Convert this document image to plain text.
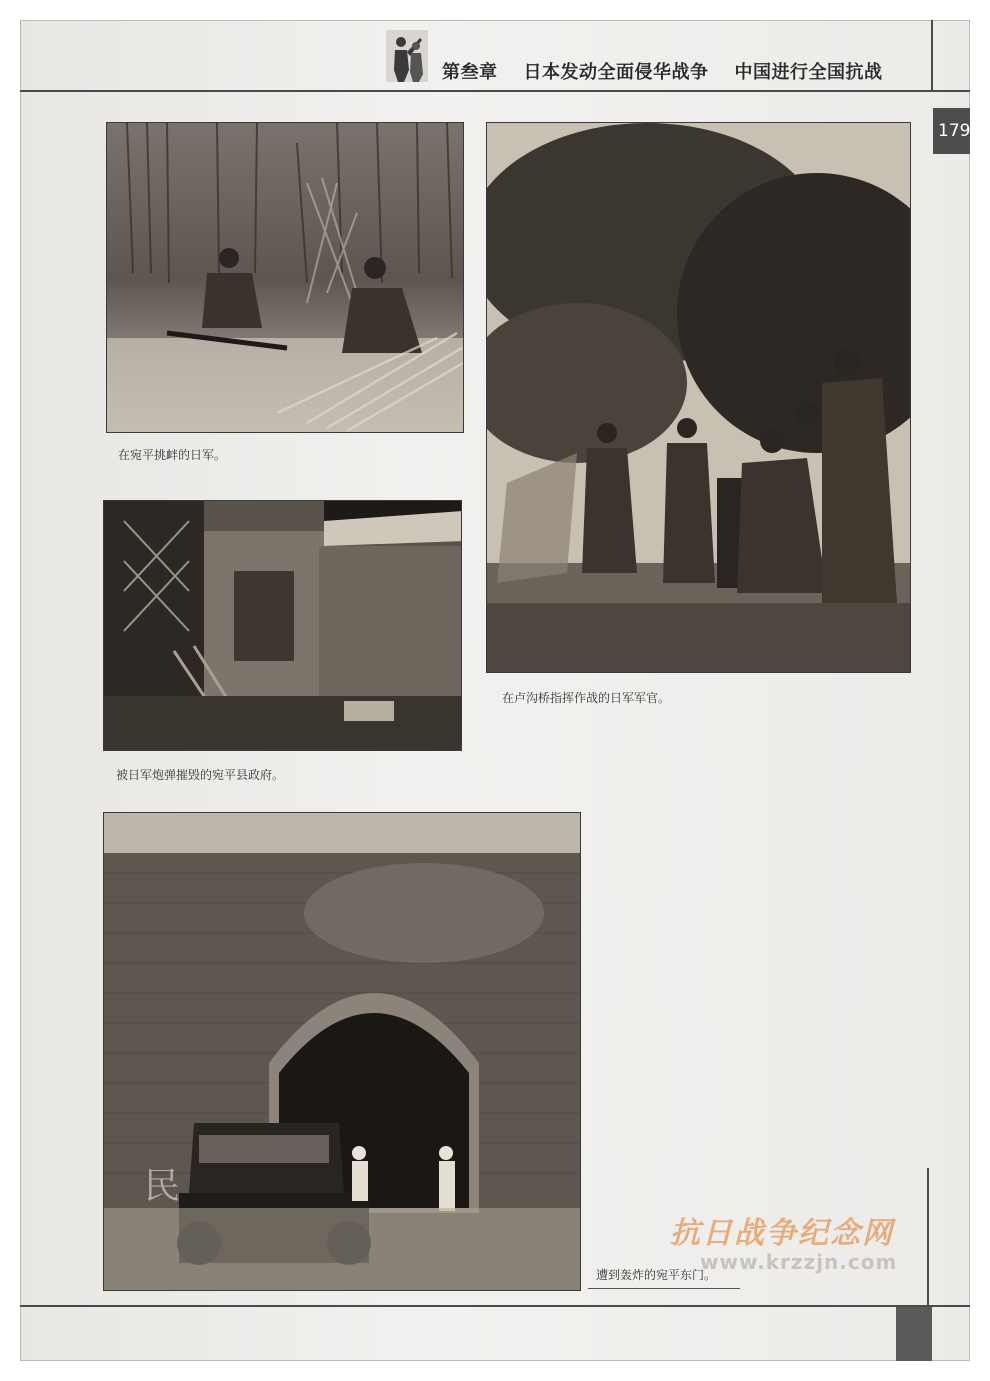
第叁章 日本发动全面侵华战争 中国进行全国抗战
179
在宛平挑衅的日军。
在卢沟桥指挥作战的日军军官。
被日军炮弹摧毁的宛平县政府。
民
遭到轰炸的宛平东门。
抗日战争纪念网
www.krzzjn.com
